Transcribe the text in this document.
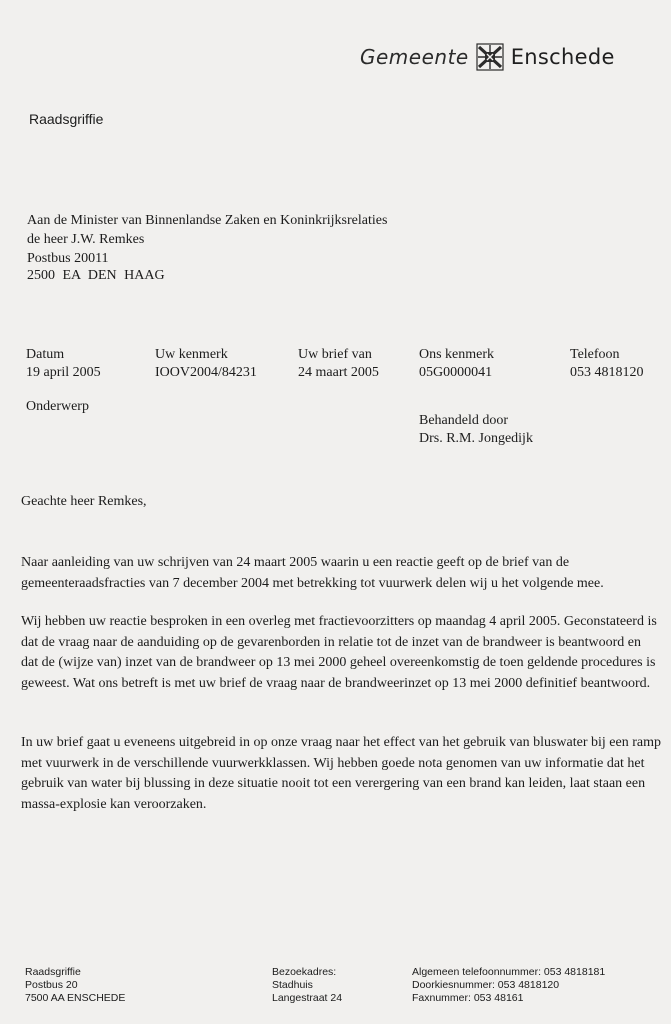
Gemeente Enschede
Raadsgriffie
Aan de Minister van Binnenlandse Zaken en Koninkrijksrelaties
de heer J.W. Remkes
Postbus 20011
2500 EA DEN HAAG
Datum
19 april 2005
Uw kenmerk
IOOV2004/84231
Uw brief van
24 maart 2005
Ons kenmerk
05G0000041
Telefoon
053 4818120
Onderwerp
Behandeld door
Drs. R.M. Jongedijk
Geachte heer Remkes,
Naar aanleiding van uw schrijven van 24 maart 2005 waarin u een reactie geeft op de brief van de gemeenteraadsfracties van 7 december 2004 met betrekking tot vuurwerk delen wij u het volgende mee.
Wij hebben uw reactie besproken in een overleg met fractievoorzitters op maandag 4 april 2005. Geconstateerd is dat de vraag naar de aanduiding op de gevarenborden in relatie tot de inzet van de brandweer is beantwoord en dat de (wijze van) inzet van de brandweer op 13 mei 2000 geheel overeenkomstig de toen geldende procedures is geweest. Wat ons betreft is met uw brief de vraag naar de brandweerinzet op 13 mei 2000 definitief beantwoord.
In uw brief gaat u eveneens uitgebreid in op onze vraag naar het effect van het gebruik van bluswater bij een ramp met vuurwerk in de verschillende vuurwerkklassen. Wij hebben goede nota genomen van uw informatie dat het gebruik van water bij blussing in deze situatie nooit tot een verergering van een brand kan leiden, laat staan een massa-explosie kan veroorzaken.
Raadsgriffie
Postbus 20
7500 AA ENSCHEDE
Bezoekadres:
Stadhuis
Langestraat 24
Algemeen telefoonnummer: 053 4818181
Doorkiesnummer: 053 4818120
Faxnummer: 053 48161
